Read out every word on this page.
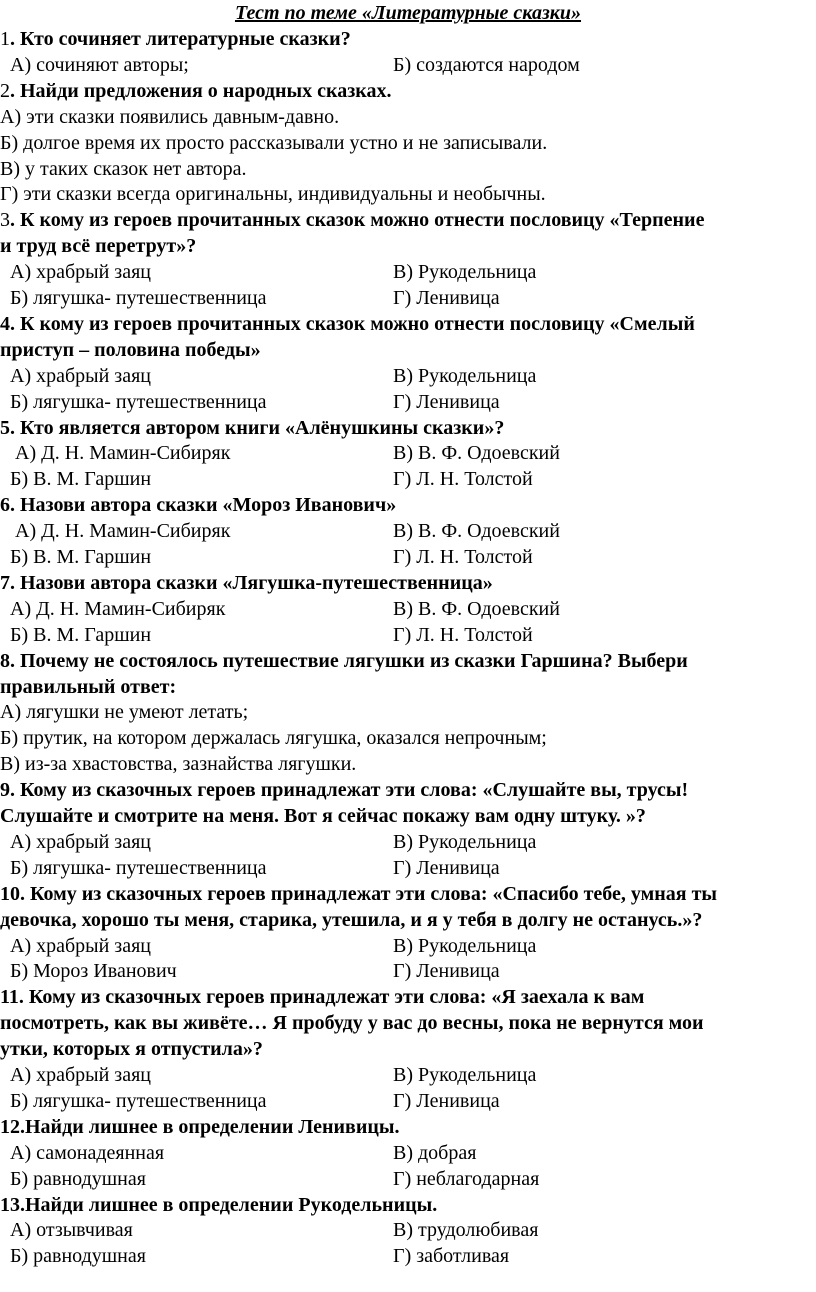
Тест по теме «Литературные сказки»
1. Кто сочиняет литературные сказки?
А) сочиняют авторы;	Б) создаются народом
2. Найди предложения о народных сказках.
А) эти сказки появились давным-давно.
Б) долгое время их просто рассказывали устно и не записывали.
В) у таких сказок нет автора.
Г) эти сказки всегда оригинальны, индивидуальны и необычны.
3. К кому из героев прочитанных сказок можно отнести пословицу «Терпение
и труд всё перетрут»?
А) храбрый заяц	В) Рукодельница
Б) лягушка- путешественница	Г) Ленивица
4. К кому из героев прочитанных сказок можно отнести пословицу «Смелый
приступ – половина победы»
А) храбрый заяц	В) Рукодельница
Б) лягушка- путешественница	Г) Ленивица
5. Кто является автором книги «Алёнушкины сказки»?
А) Д. Н. Мамин-Сибиряк	В) В. Ф. Одоевский
Б) В. М. Гаршин	Г) Л. Н. Толстой
6. Назови автора сказки «Мороз Иванович»
А) Д. Н. Мамин-Сибиряк	В) В. Ф. Одоевский
Б) В. М. Гаршин	Г) Л. Н. Толстой
7. Назови автора сказки «Лягушка-путешественница»
А) Д. Н. Мамин-Сибиряк	В) В. Ф. Одоевский
Б) В. М. Гаршин	Г) Л. Н. Толстой
8. Почему не состоялось путешествие лягушки из сказки Гаршина? Выбери
правильный ответ:
А) лягушки не умеют летать;
Б) прутик, на котором держалась лягушка, оказался непрочным;
В) из-за хвастовства, зазнайства лягушки.
9. Кому из сказочных героев принадлежат эти слова: «Слушайте вы, трусы!
Слушайте и смотрите на меня. Вот я сейчас покажу вам одну штуку. »?
А) храбрый заяц	В) Рукодельница
Б) лягушка- путешественница	Г) Ленивица
10. Кому из сказочных героев принадлежат эти слова: «Спасибо тебе, умная ты
девочка, хорошо ты меня, старика, утешила, и я у тебя в долгу не останусь.»?
А) храбрый заяц	В) Рукодельница
Б) Мороз Иванович	Г) Ленивица
11. Кому из сказочных героев принадлежат эти слова: «Я заехала к вам
посмотреть, как вы живёте… Я пробуду у вас до весны, пока не вернутся мои
утки, которых я отпустила»?
А) храбрый заяц	В) Рукодельница
Б) лягушка- путешественница	Г) Ленивица
12.Найди лишнее в определении Ленивицы.
А) самонадеянная	В) добрая
Б) равнодушная	Г) неблагодарная
13.Найди лишнее в определении Рукодельницы.
А) отзывчивая	В) трудолюбивая
Б) равнодушная	Г) заботливая
